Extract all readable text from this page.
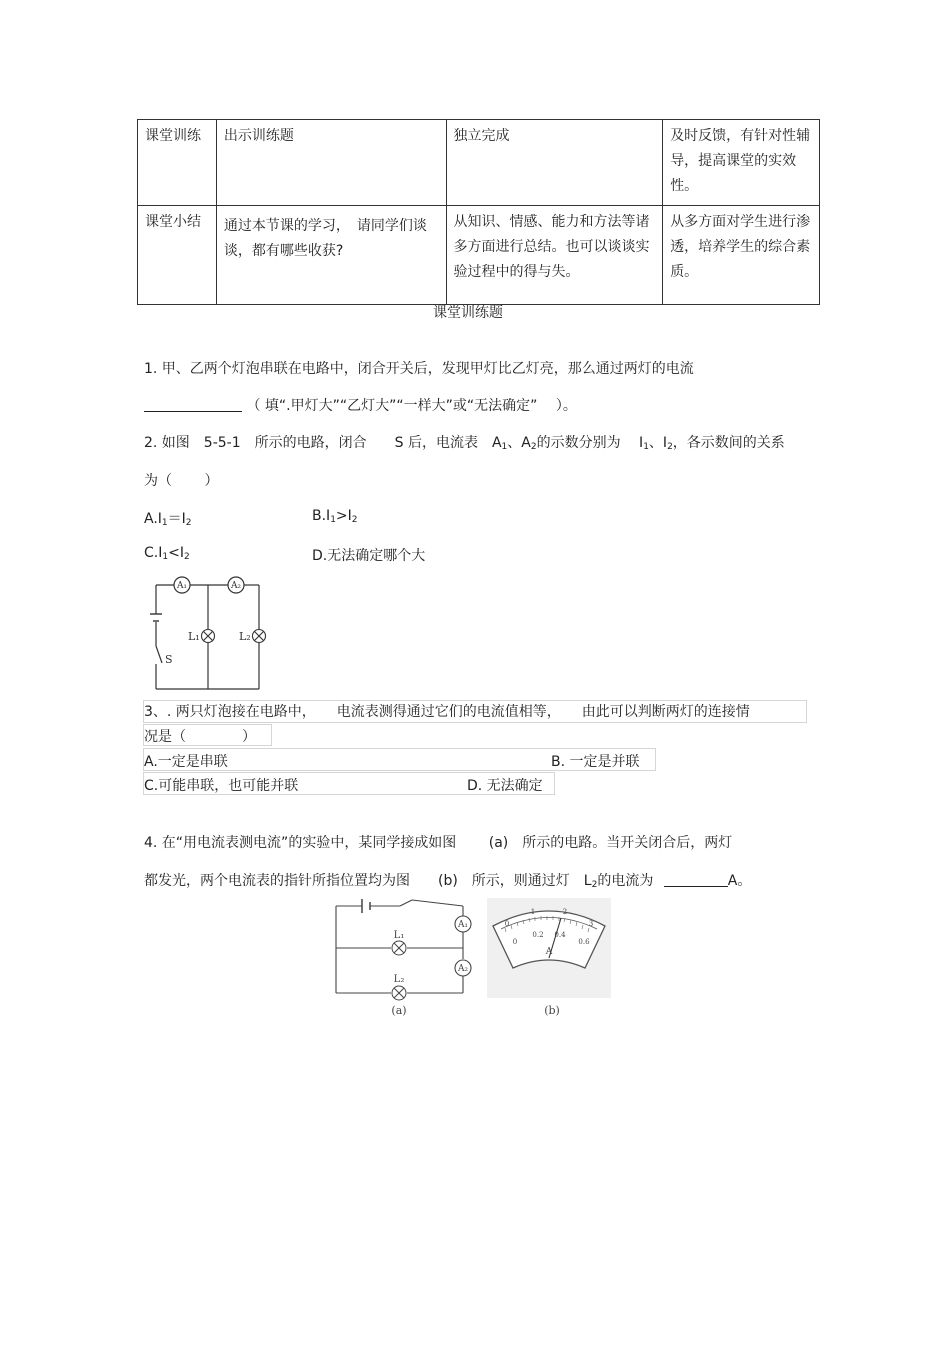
课堂训练	出示训练题	独立完成	及时反馈，有针对性辅导，提高课堂的实效性。
课堂小结	通过本节课的学习，　请同学们谈谈，都有哪些收获?	从知识、情感、能力和方法等诸多方面进行总结。也可以谈谈实验过程中的得与失。	从多方面对学生进行渗透，培养学生的综合素质。
课堂训练题
1. 甲、乙两个灯泡串联在电路中，闭合开关后，发现甲灯比乙灯亮，那么通过两灯的电流
（ 填“.甲灯大”“乙灯大”“一样大”或“无法确定”　 ）。
2. 如图　5-5-1　所示的电路，闭合　　S 后，电流表　$A_1$、$A_2$的示数分别为　 $I_1$、$I_2$，各示数间的关系
为（　　 ）
$A.I_1=I_2$	$B.I_1>I_2$
$C.I_1<I_2$	D.无法确定哪个大
A₁	A₂
L₁	L₂
S
3、. 两只灯泡接在电路中，　　电流表测得通过它们的电流值相等，　　由此可以判断两灯的连接情
况是（　　　　）
A.一定是串联	B. 一定是并联
C.可能串联，也可能并联	D. 无法确定
4. 在“用电流表测电流”的实验中，某同学接成如图　　 (a)　所示的电路。当开关闭合后，两灯
都发光，两个电流表的指针所指位置均为图　　(b)　所示，则通过灯　$L_2$的电流为	A。
A₁
A₂
L₁
L₂
(a)
0
1	2
3
0
0.2 0.4
0.6
A
(b)
